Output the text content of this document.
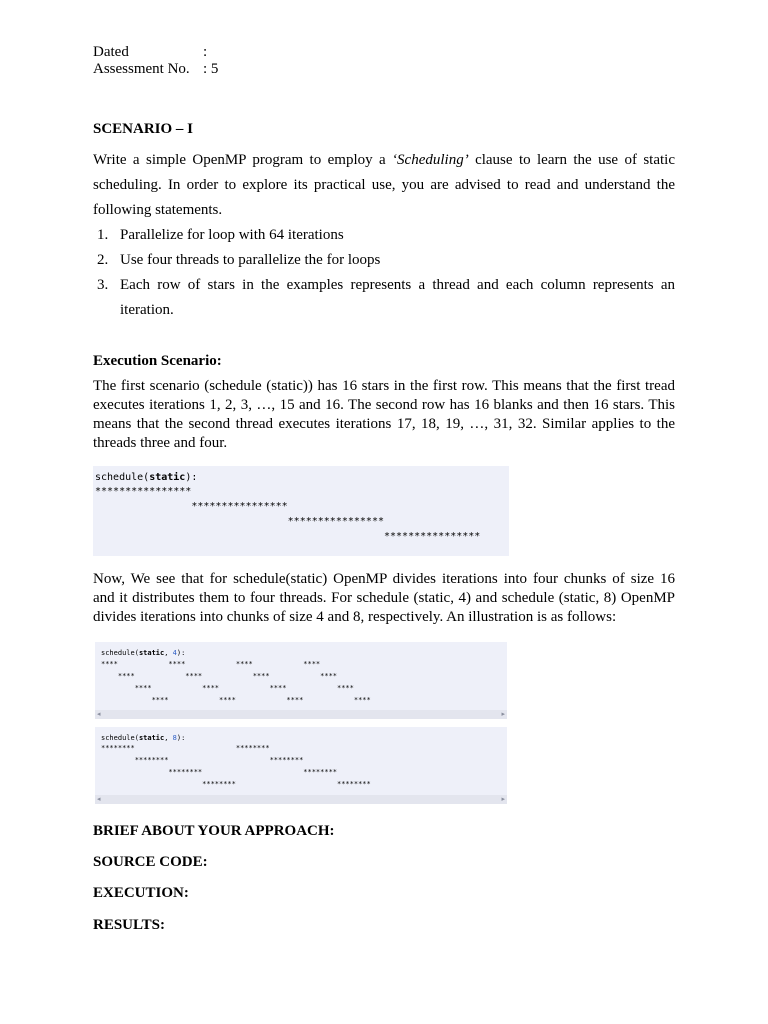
Dated	:
Assessment No. : 5
SCENARIO – I
Write a simple OpenMP program to employ a ‘Scheduling’ clause to learn the use of static
scheduling. In order to explore its practical use, you are advised to read and understand the
following statements.
1. Parallelize for loop with 64 iterations
2. Use four threads to parallelize the for loops
3. Each row of stars in the examples represents a thread and each column represents an
iteration.
Execution Scenario:
The first scenario (schedule (static)) has 16 stars in the first row. This means that the first tread
executes iterations 1, 2, 3, …, 15 and 16. The second row has 16 blanks and then 16 stars. This
means that the second thread executes iterations 17, 18, 19, …, 31, 32. Similar applies to the
threads three and four.
schedule(static):
****************
****************
****************
****************
Now, We see that for schedule(static) OpenMP divides iterations into four chunks of size 16
and it distributes them to four threads. For schedule (static, 4) and schedule (static, 8) OpenMP
divides iterations into chunks of size 4 and 8, respectively. An illustration is as follows:
schedule(static, 4):
****            ****            ****            ****
****            ****            ****            ****
****            ****            ****            ****
****            ****            ****            ****
◂	▸
schedule(static, 8):
********                        ********
********                        ********
********                        ********
********                        ********
◂	▸
BRIEF ABOUT YOUR APPROACH:
SOURCE CODE:
EXECUTION:
RESULTS:
